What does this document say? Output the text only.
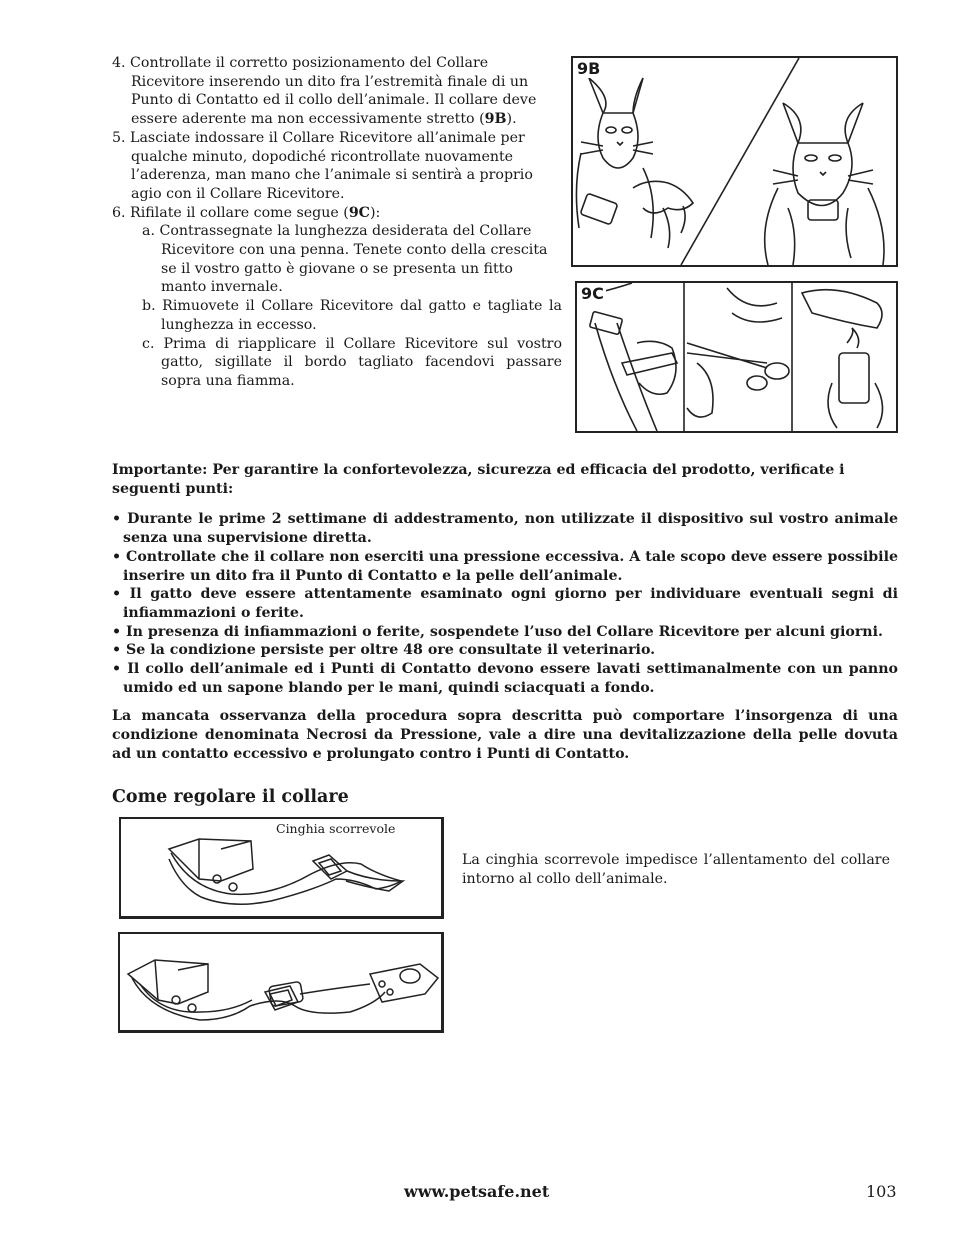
4. Controllate il corretto posizionamento del Collare Ricevitore inserendo un dito fra l’estremità finale di un Punto di Contatto ed il collo dell’animale. Il collare deve essere aderente ma non eccessivamente stretto (9B).

5. Lasciate indossare il Collare Ricevitore all’animale per qualche minuto, dopodiché ricontrollate nuovamente l’aderenza, man mano che l’animale si sentirà a proprio agio con il Collare Ricevitore.

6. Rifilate il collare come segue (9C):

a. Contrassegnate la lunghezza desiderata del Collare Ricevitore con una penna. Tenete conto della crescita se il vostro gatto è giovane o se presenta un fitto manto invernale.

b. Rimuovete il Collare Ricevitore dal gatto e tagliate la lunghezza in eccesso.

c. Prima di riapplicare il Collare Ricevitore sul vostro gatto, sigillate il bordo tagliato facendovi passare sopra una fiamma.

9B
9C

Importante: Per garantire la confortevolezza, sicurezza ed efficacia del prodotto, verificate i seguenti punti:

• Durante le prime 2 settimane di addestramento, non utilizzate il dispositivo sul vostro animale senza una supervisione diretta.
• Controllate che il collare non eserciti una pressione eccessiva. A tale scopo deve essere possibile inserire un dito fra il Punto di Contatto e la pelle dell’animale.
• Il gatto deve essere attentamente esaminato ogni giorno per individuare eventuali segni di infiammazioni o ferite.
• In presenza di infiammazioni o ferite, sospendete l’uso del Collare Ricevitore per alcuni giorni.
• Se la condizione persiste per oltre 48 ore consultate il veterinario.
• Il collo dell’animale ed i Punti di Contatto devono essere lavati settimanalmente con un panno umido ed un sapone blando per le mani, quindi sciacquati a fondo.

La mancata osservanza della procedura sopra descritta può comportare l’insorgenza di una condizione denominata Necrosi da Pressione, vale a dire una devitalizzazione della pelle dovuta ad un contatto eccessivo e prolungato contro i Punti di Contatto.

Come regolare il collare
Cinghia scorrevole
La cinghia scorrevole impedisce l’allentamento del collare intorno al collo dell’animale.
www.petsafe.net	103
